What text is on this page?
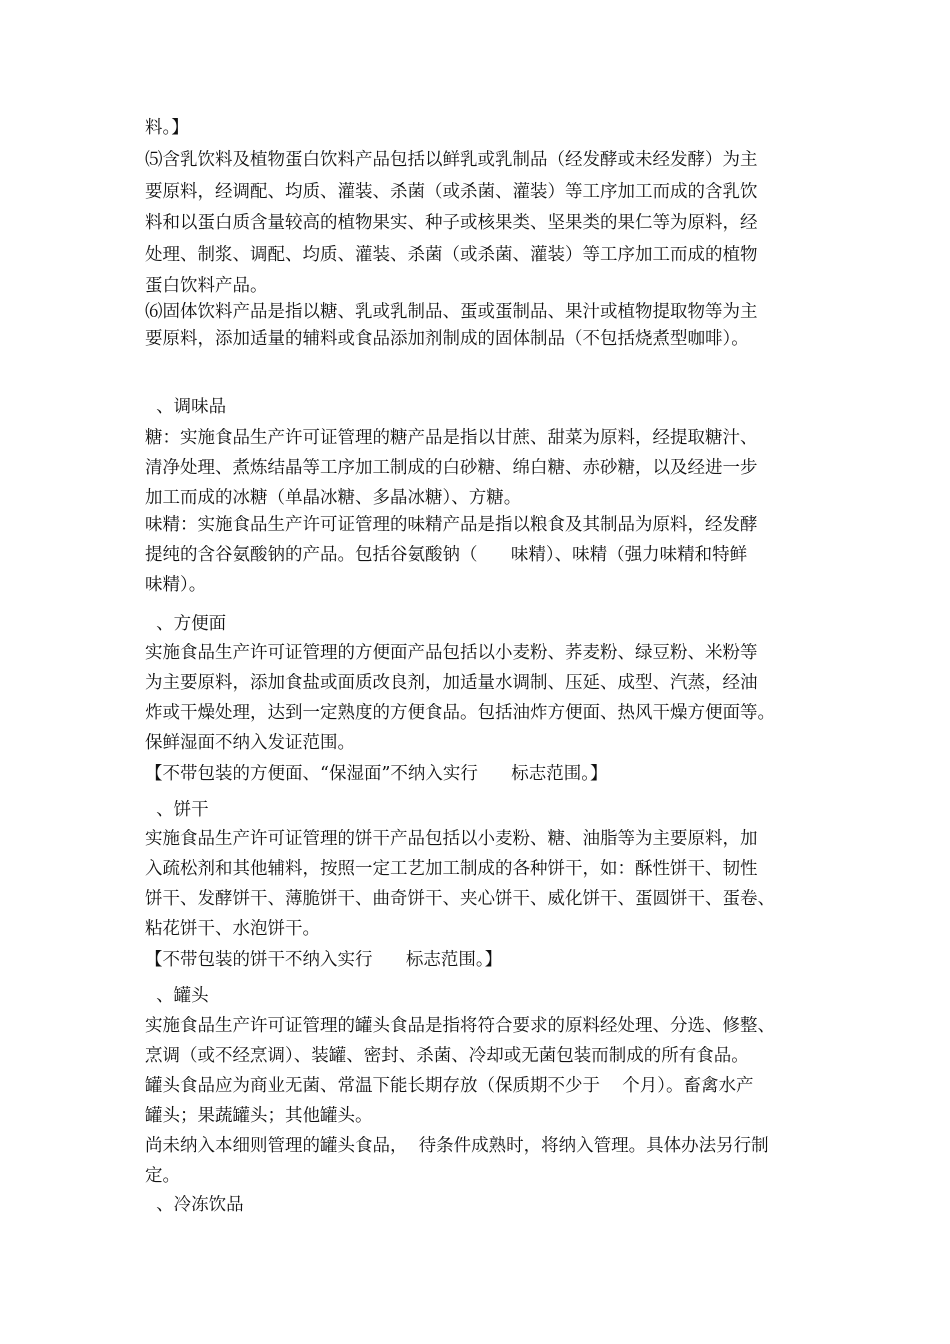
料。】
⑸含乳饮料及植物蛋白饮料产品包括以鲜乳或乳制品（经发酵或未经发酵）为主
要原料，经调配、均质、灌装、杀菌（或杀菌、灌装）等工序加工而成的含乳饮
料和以蛋白质含量较高的植物果实、种子或核果类、坚果类的果仁等为原料，经
处理、制浆、调配、均质、灌装、杀菌（或杀菌、灌装）等工序加工而成的植物
蛋白饮料产品。
⑹固体饮料产品是指以糖、乳或乳制品、蛋或蛋制品、果汁或植物提取物等为主
要原料，添加适量的辅料或食品添加剂制成的固体制品（不包括烧煮型咖啡）。
、调味品
糖：实施食品生产许可证管理的糖产品是指以甘蔗、甜菜为原料，经提取糖汁、
清净处理、煮炼结晶等工序加工制成的白砂糖、绵白糖、赤砂糖，以及经进一步
加工而成的冰糖（单晶冰糖、多晶冰糖）、方糖。
味精：实施食品生产许可证管理的味精产品是指以粮食及其制品为原料，经发酵
提纯的含谷氨酸钠的产品。包括谷氨酸钠（      味精）、味精（强力味精和特鲜
味精）。
、方便面
实施食品生产许可证管理的方便面产品包括以小麦粉、荞麦粉、绿豆粉、米粉等
为主要原料，添加食盐或面质改良剂，加适量水调制、压延、成型、汽蒸，经油
炸或干燥处理，达到一定熟度的方便食品。包括油炸方便面、热风干燥方便面等。
保鲜湿面不纳入发证范围。
【不带包装的方便面、“保湿面”不纳入实行      标志范围。】
、饼干
实施食品生产许可证管理的饼干产品包括以小麦粉、糖、油脂等为主要原料，加
入疏松剂和其他辅料，按照一定工艺加工制成的各种饼干，如：酥性饼干、韧性
饼干、发酵饼干、薄脆饼干、曲奇饼干、夹心饼干、威化饼干、蛋圆饼干、蛋卷、
粘花饼干、水泡饼干。
【不带包装的饼干不纳入实行      标志范围。】
、罐头
实施食品生产许可证管理的罐头食品是指将符合要求的原料经处理、分选、修整、
烹调（或不经烹调）、装罐、密封、杀菌、冷却或无菌包装而制成的所有食品。
罐头食品应为商业无菌、常温下能长期存放（保质期不少于    个月）。畜禽水产
罐头；果蔬罐头；其他罐头。
尚未纳入本细则管理的罐头食品，  待条件成熟时，将纳入管理。具体办法另行制
定。
、冷冻饮品
